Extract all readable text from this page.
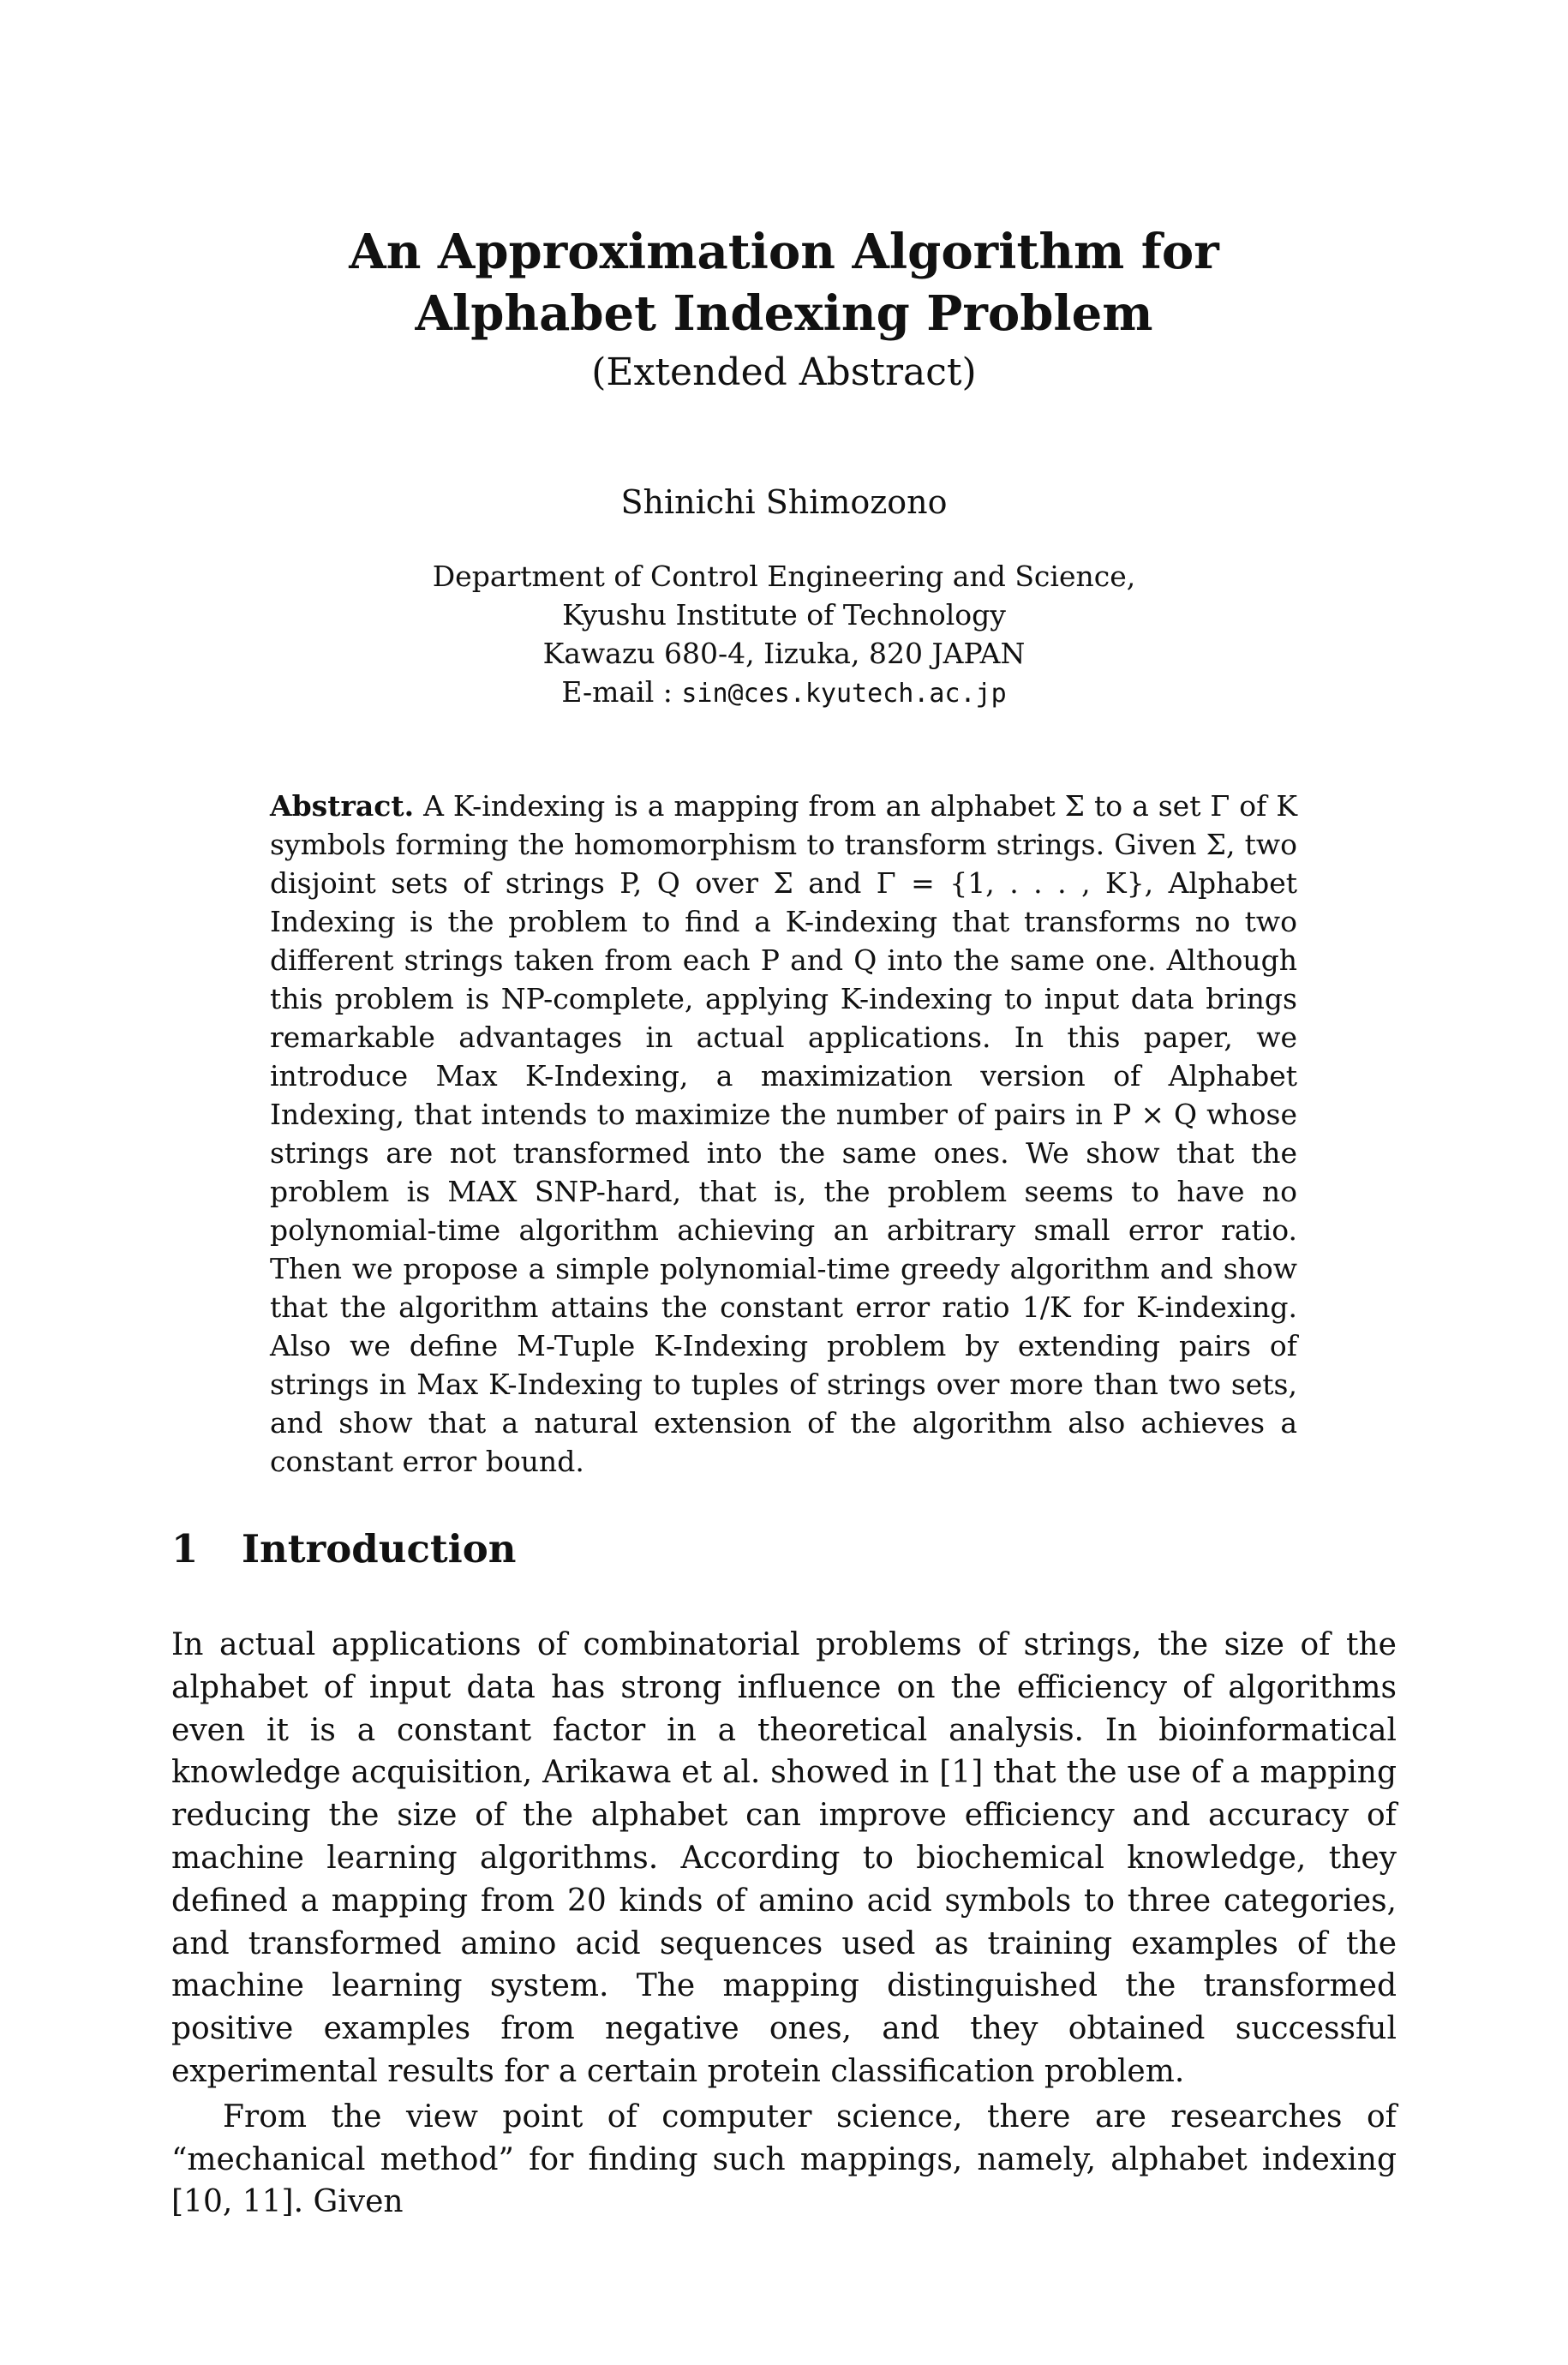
An Approximation Algorithm for
Alphabet Indexing Problem
(Extended Abstract)
Shinichi Shimozono
Department of Control Engineering and Science,
Kyushu Institute of Technology
Kawazu 680-4, Iizuka, 820 JAPAN
E-mail : sin@ces.kyutech.ac.jp
Abstract. A K-indexing is a mapping from an alphabet Σ to a set Γ of K symbols forming the homomorphism to transform strings. Given Σ, two disjoint sets of strings P, Q over Σ and Γ = {1, . . . , K}, Alphabet Indexing is the problem to find a K-indexing that transforms no two different strings taken from each P and Q into the same one. Although this problem is NP-complete, applying K-indexing to input data brings remarkable advantages in actual applications. In this paper, we introduce Max K-Indexing, a maximization version of Alphabet Indexing, that intends to maximize the number of pairs in P × Q whose strings are not transformed into the same ones. We show that the problem is MAX SNP-hard, that is, the problem seems to have no polynomial-time algorithm achieving an arbitrary small error ratio. Then we propose a simple polynomial-time greedy algorithm and show that the algorithm attains the constant error ratio 1/K for K-indexing. Also we define M-Tuple K-Indexing problem by extending pairs of strings in Max K-Indexing to tuples of strings over more than two sets, and show that a natural extension of the algorithm also achieves a constant error bound.
1 Introduction

In actual applications of combinatorial problems of strings, the size of the alphabet of input data has strong influence on the efficiency of algorithms even it is a constant factor in a theoretical analysis. In bioinformatical knowledge acquisition, Arikawa et al. showed in [1] that the use of a mapping reducing the size of the alphabet can improve efficiency and accuracy of machine learning algorithms. According to biochemical knowledge, they defined a mapping from 20 kinds of amino acid symbols to three categories, and transformed amino acid sequences used as training examples of the machine learning system. The mapping distinguished the transformed positive examples from negative ones, and they obtained successful experimental results for a certain protein classification problem.

From the view point of computer science, there are researches of “mechanical method” for finding such mappings, namely, alphabet indexing [10, 11]. Given
